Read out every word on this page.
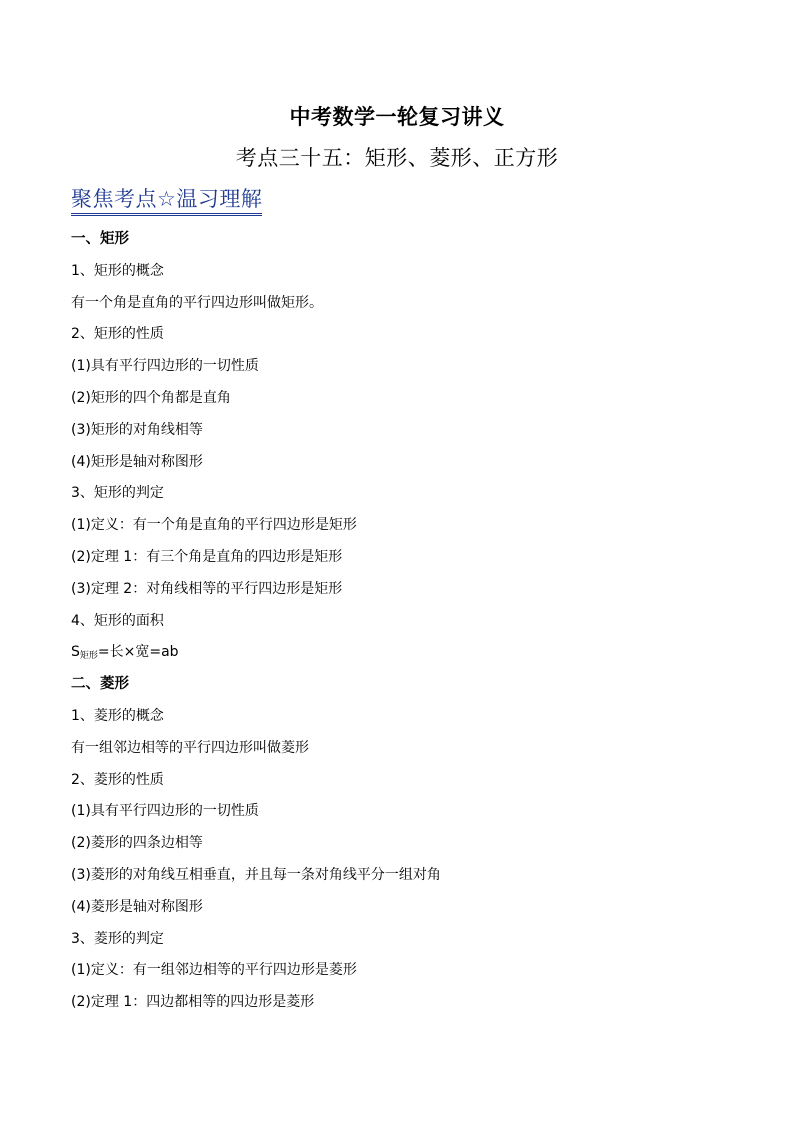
中考数学一轮复习讲义
考点三十五：矩形、菱形、正方形
聚焦考点☆温习理解
一、矩形
1、矩形的概念
有一个角是直角的平行四边形叫做矩形。
2、矩形的性质
(1)具有平行四边形的一切性质
(2)矩形的四个角都是直角
(3)矩形的对角线相等
(4)矩形是轴对称图形
3、矩形的判定
(1)定义：有一个角是直角的平行四边形是矩形
(2)定理 1：有三个角是直角的四边形是矩形
(3)定理 2：对角线相等的平行四边形是矩形
4、矩形的面积
S矩形=长×宽=ab
二、菱形
1、菱形的概念
有一组邻边相等的平行四边形叫做菱形
2、菱形的性质
(1)具有平行四边形的一切性质
(2)菱形的四条边相等
(3)菱形的对角线互相垂直，并且每一条对角线平分一组对角
(4)菱形是轴对称图形
3、菱形的判定
(1)定义：有一组邻边相等的平行四边形是菱形
(2)定理 1：四边都相等的四边形是菱形
